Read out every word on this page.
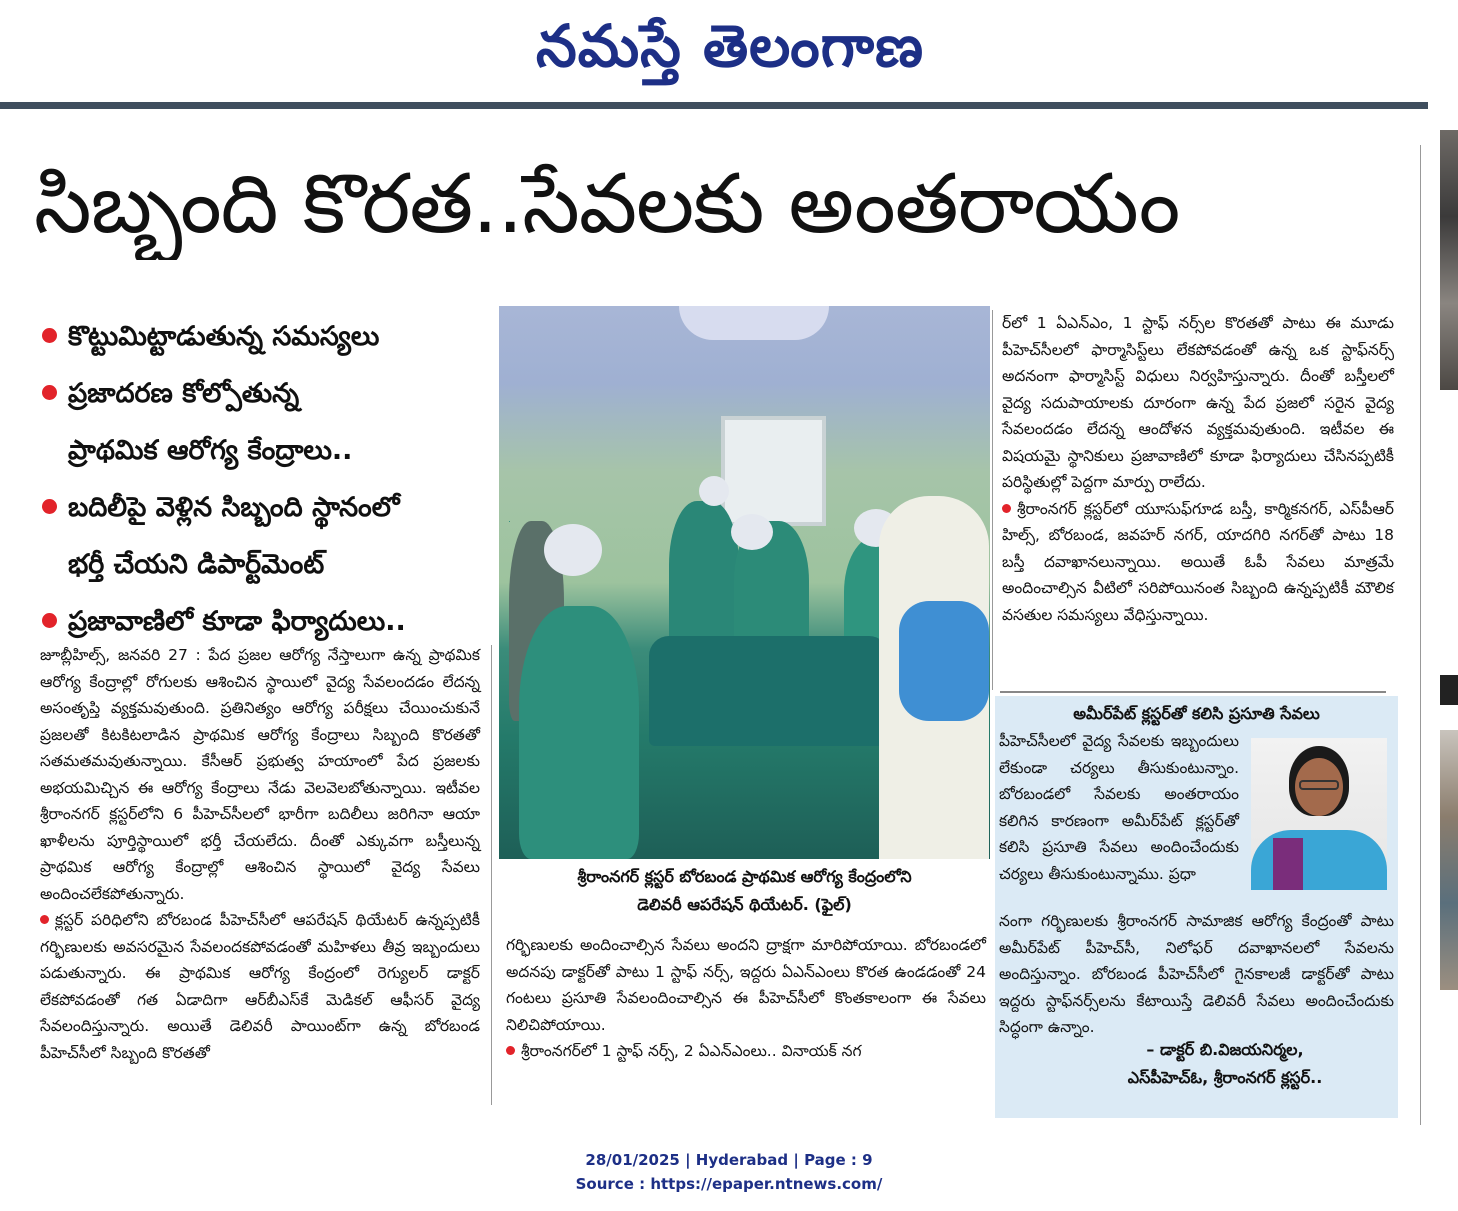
నమస్తే తెలంగాణ
సిబ్బంది కొరత..సేవలకు అంతరాయం
కొట్టుమిట్టాడుతున్న సమస్యలు
ప్రజాదరణ కోల్పోతున్న
ప్రాథమిక ఆరోగ్య కేంద్రాలు..
బదిలీపై వెళ్లిన సిబ్బంది స్థానంలో
భర్తీ చేయని డిపార్ట్‌మెంట్
ప్రజావాణిలో కూడా ఫిర్యాదులు..

జూబ్లీహిల్స్, జనవరి 27 : పేద ప్రజల ఆరోగ్య నేస్తాలుగా ఉన్న ప్రాథమిక ఆరోగ్య కేంద్రాల్లో రోగులకు ఆశించిన స్థాయిలో వైద్య సేవలందడం లేదన్న అసంతృప్తి వ్యక్తమవుతుంది. ప్రతినిత్యం ఆరోగ్య పరీక్షలు చేయించుకునే ప్రజలతో కిటకిటలాడిన ప్రాథమిక ఆరోగ్య కేంద్రాలు సిబ్బంది కొరతతో సతమతమవుతున్నాయి. కేసీఆర్ ప్రభుత్వ హయాంలో పేద ప్రజలకు అభయమిచ్చిన ఈ ఆరోగ్య కేంద్రాలు నేడు వెలవెలబోతున్నాయి. ఇటీవల శ్రీరాంనగర్ క్లస్టర్‌లోని 6 పీహెచ్‌సీలలో భారీగా బదిలీలు జరిగినా ఆయా ఖాళీలను పూర్తిస్థాయిలో భర్తీ చేయలేదు. దీంతో ఎక్కువగా బస్తీలున్న ప్రాథమిక ఆరోగ్య కేంద్రాల్లో ఆశించిన స్థాయిలో వైద్య సేవలు అందించలేకపోతున్నారు.

క్లస్టర్ పరిధిలోని బోరబండ పీహెచ్‌సీలో ఆపరేషన్ థియేటర్ ఉన్నప్పటికీ గర్భిణులకు అవసరమైన సేవలందకపోవడంతో మహిళలు తీవ్ర ఇబ్బందులు పడుతున్నారు. ఈ ప్రాథమిక ఆరోగ్య కేంద్రంలో రెగ్యులర్ డాక్టర్ లేకపోవడంతో గత ఏడాదిగా ఆర్‌బీఎస్‌కే మెడికల్ ఆఫీసర్ వైద్య సేవలందిస్తున్నారు. అయితే డెలివరీ పాయింట్‌గా ఉన్న బోరబండ పీహెచ్‌సీలో సిబ్బంది కొరతతో

శ్రీరాంనగర్ క్లస్టర్ బోరబండ ప్రాథమిక ఆరోగ్య కేంద్రంలోని
డెలివరీ ఆపరేషన్ థియేటర్. (ఫైల్)

గర్భిణులకు అందించాల్సిన సేవలు అందని ద్రాక్షగా మారిపోయాయి. బోరబండలో అదనపు డాక్టర్‌తో పాటు 1 స్టాఫ్ నర్స్, ఇద్దరు ఏఎన్‌ఎంలు కొరత ఉండడంతో 24 గంటలు ప్రసూతి సేవలందించాల్సిన ఈ పీహెచ్‌సీలో కొంతకాలంగా ఈ సేవలు నిలిచిపోయాయి.

శ్రీరాంనగర్‌లో 1 స్టాఫ్ నర్స్, 2 ఏఎన్‌ఎంలు.. వినాయక్ నగ

ర్‌లో 1 ఏఎన్‌ఎం, 1 స్టాఫ్ నర్స్‌ల కొరతతో పాటు ఈ మూడు పీహెచ్‌సీలలో ఫార్మాసిస్ట్‌లు లేకపోవడంతో ఉన్న ఒక స్టాఫ్‌నర్స్ అదనంగా ఫార్మాసిస్ట్ విధులు నిర్వహిస్తున్నారు. దీంతో బస్తీలలో వైద్య సదుపాయాలకు దూరంగా ఉన్న పేద ప్రజలో సరైన వైద్య సేవలందడం లేదన్న ఆందోళన వ్యక్తమవుతుంది. ఇటీవల ఈ విషయమై స్థానికులు ప్రజావాణిలో కూడా ఫిర్యాదులు చేసినప్పటికీ పరిస్థితుల్లో పెద్దగా మార్పు రాలేదు.

శ్రీరాంనగర్ క్లస్టర్‌లో యూసుఫ్‌గూడ బస్తీ, కార్మికనగర్, ఎస్‌పీఆర్ హిల్స్, బోరబండ, జవహర్ నగర్, యాదగిరి నగర్‌తో పాటు 18 బస్తీ దవాఖానలున్నాయి. అయితే ఓపీ సేవలు మాత్రమే అందించాల్సిన వీటిలో సరిపోయినంత సిబ్బంది ఉన్నప్పటికీ మౌలిక వసతుల సమస్యలు వేధిస్తున్నాయి.

అమీర్‌పేట్ క్లస్టర్‌తో కలిసి ప్రసూతి సేవలు
పీహెచ్‌సీలలో వైద్య సేవలకు ఇబ్బందులు లేకుండా చర్యలు తీసుకుంటున్నాం. బోరబండలో సేవలకు అంతరాయం కలిగిన కారణంగా అమీర్‌పేట్ క్లస్టర్‌తో కలిసి ప్రసూతి సేవలు అందించేందుకు చర్యలు తీసుకుంటున్నాము. ప్రధా
నంగా గర్భిణులకు శ్రీరాంనగర్ సామాజిక ఆరోగ్య కేంద్రంతో పాటు అమీర్‌పేట్ పీహెచ్‌సీ, నిలోఫర్ దవాఖానలలో సేవలను అందిస్తున్నాం. బోరబండ పీహెచ్‌సీలో గైనకాలజీ డాక్టర్‌తో పాటు ఇద్దరు స్టాఫ్‌నర్స్‌లను కేటాయిస్తే డెలివరీ సేవలు అందించేందుకు సిద్ధంగా ఉన్నాం.
– డాక్టర్ బి.విజయనిర్మల,
ఎస్‌పీహెచ్‌ఓ, శ్రీరాంనగర్ క్లస్టర్..
28/01/2025 | Hyderabad | Page : 9
Source : https://epaper.ntnews.com/
